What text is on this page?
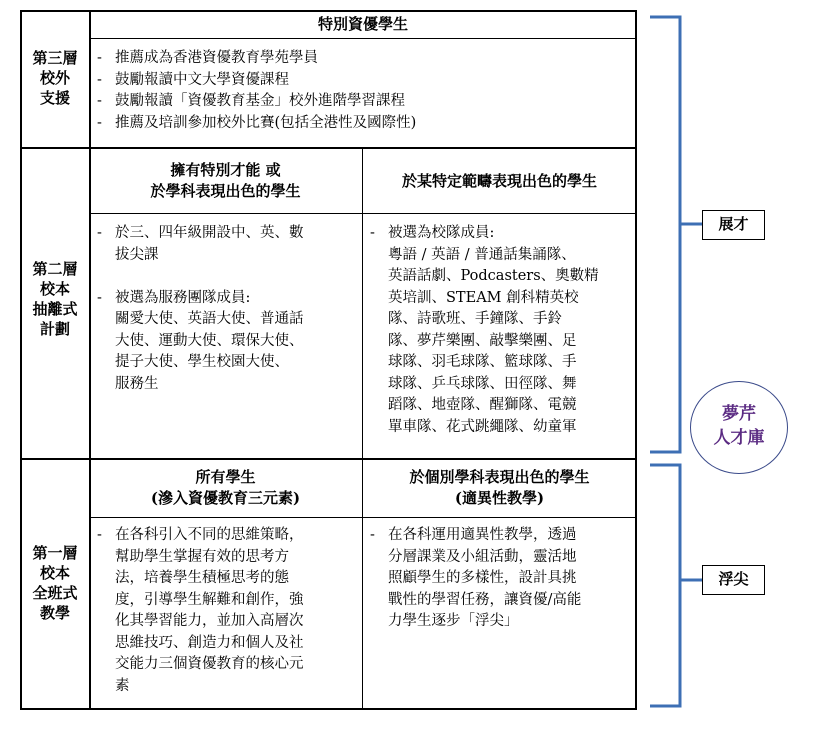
第三層
校外
支援
特別資優學生
- 推薦成為香港資優教育學苑學員
- 鼓勵報讀中文大學資優課程
- 鼓勵報讀「資優教育基金」校外進階學習課程
- 推薦及培訓參加校外比賽(包括全港性及國際性)
第二層
校本
抽離式
計劃
擁有特別才能 或
於學科表現出色的學生
於某特定範疇表現出色的學生
- 於三、四年級開設中、英、數
拔尖課
- 被選為服務團隊成員:
關愛大使、英語大使、普通話
大使、運動大使、環保大使、
提子大使、學生校園大使、
服務生
- 被選為校隊成員:
粵語 / 英語 / 普通話集誦隊、
英語話劇、Podcasters、奧數精
英培訓、STEAM 創科精英校
隊、詩歌班、手鐘隊、手鈴
隊、夢芹樂團、敲擊樂團、足
球隊、羽毛球隊、籃球隊、手
球隊、乒乓球隊、田徑隊、舞
蹈隊、地壺隊、醒獅隊、電競
單車隊、花式跳繩隊、幼童軍
第一層
校本
全班式
教學
所有學生
(滲入資優教育三元素)
於個別學科表現出色的學生
(適異性教學)
- 在各科引入不同的思維策略，
幫助學生掌握有效的思考方
法，培養學生積極思考的態
度，引導學生解難和創作，強
化其學習能力，並加入高層次
思維技巧、創造力和個人及社
交能力三個資優教育的核心元
素
- 在各科運用適異性教學，透過
分層課業及小組活動，靈活地
照顧學生的多樣性，設計具挑
戰性的學習任務，讓資優/高能
力學生逐步「浮尖」
展才
浮尖
夢芹
人才庫
